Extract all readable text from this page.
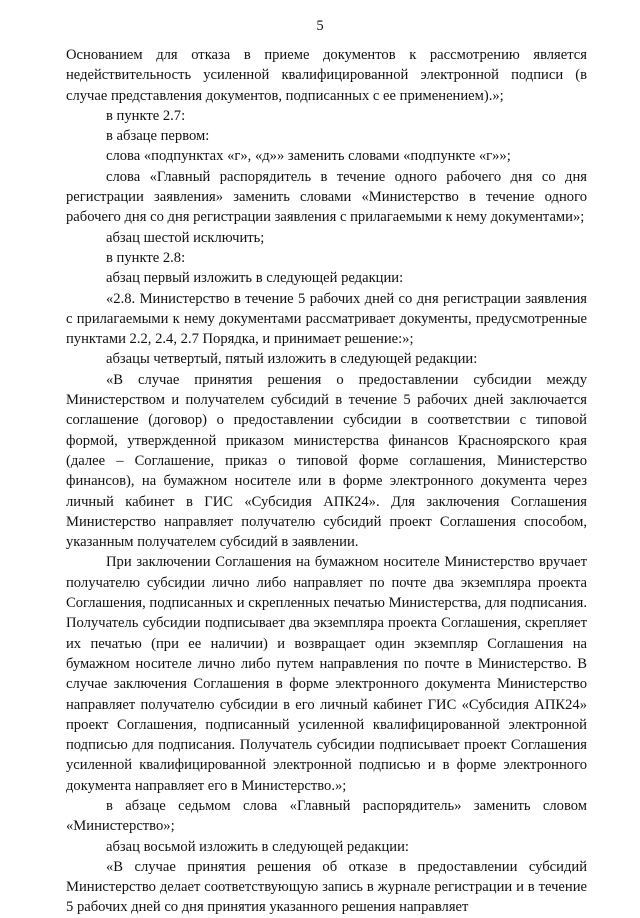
5

Основанием для отказа в приеме документов к рассмотрению является недействительность усиленной квалифицированной электронной подписи (в случае представления документов, подписанных с ее применением).»;

в пункте 2.7:

в абзаце первом:

слова «подпунктах «г», «д»» заменить словами «подпункте «г»»;

слова «Главный распорядитель в течение одного рабочего дня со дня регистрации заявления» заменить словами «Министерство в течение одного рабочего дня со дня регистрации заявления с прилагаемыми к нему документами»;

абзац шестой исключить;

в пункте 2.8:

абзац первый изложить в следующей редакции:

«2.8. Министерство в течение 5 рабочих дней со дня регистрации заявления с прилагаемыми к нему документами рассматривает документы, предусмотренные пунктами 2.2, 2.4, 2.7 Порядка, и принимает решение:»;

абзацы четвертый, пятый изложить в следующей редакции:

«В случае принятия решения о предоставлении субсидии между Министерством и получателем субсидий в течение 5 рабочих дней заключается соглашение (договор) о предоставлении субсидии в соответствии с типовой формой, утвержденной приказом министерства финансов Красноярского края (далее – Соглашение, приказ о типовой форме соглашения, Министерство финансов), на бумажном носителе или в форме электронного документа через личный кабинет в ГИС «Субсидия АПК24». Для заключения Соглашения Министерство направляет получателю субсидий проект Соглашения способом, указанным получателем субсидий в заявлении.

При заключении Соглашения на бумажном носителе Министерство вручает получателю субсидии лично либо направляет по почте два экземпляра проекта Соглашения, подписанных и скрепленных печатью Министерства, для подписания. Получатель субсидии подписывает два экземпляра проекта Соглашения, скрепляет их печатью (при ее наличии) и возвращает один экземпляр Соглашения на бумажном носителе лично либо путем направления по почте в Министерство. В случае заключения Соглашения в форме электронного документа Министерство направляет получателю субсидии в его личный кабинет ГИС «Субсидия АПК24» проект Соглашения, подписанный усиленной квалифицированной электронной подписью для подписания. Получатель субсидии подписывает проект Соглашения усиленной квалифицированной электронной подписью и в форме электронного документа направляет его в Министерство.»;

в абзаце седьмом слова «Главный распорядитель» заменить словом «Министерство»;

абзац восьмой изложить в следующей редакции:

«В случае принятия решения об отказе в предоставлении субсидий Министерство делает соответствующую запись в журнале регистрации и в течение 5 рабочих дней со дня принятия указанного решения направляет
